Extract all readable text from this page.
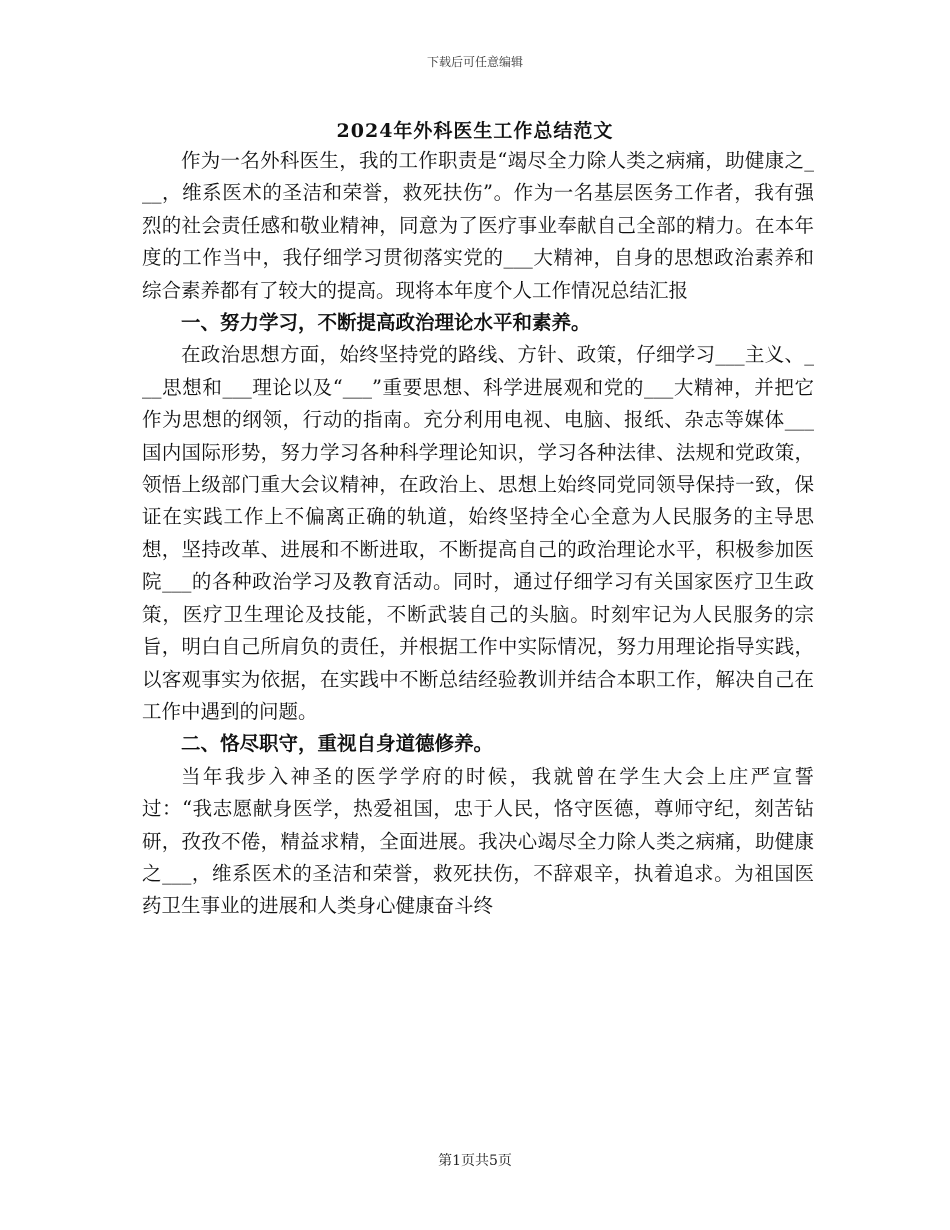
下载后可任意编辑
2024年外科医生工作总结范文

作为一名外科医生，我的工作职责是“竭尽全力除人类之病痛，助健康之___，维系医术的圣洁和荣誉，救死扶伤”。作为一名基层医务工作者，我有强烈的社会责任感和敬业精神，同意为了医疗事业奉献自己全部的精力。在本年度的工作当中，我仔细学习贯彻落实党的___大精神，自身的思想政治素养和综合素养都有了较大的提高。现将本年度个人工作情况总结汇报

一、努力学习，不断提高政治理论水平和素养。

在政治思想方面，始终坚持党的路线、方针、政策，仔细学习___主义、___思想和___理论以及“___”重要思想、科学进展观和党的___大精神，并把它作为思想的纲领，行动的指南。充分利用电视、电脑、报纸、杂志等媒体___国内国际形势，努力学习各种科学理论知识，学习各种法律、法规和党政策，领悟上级部门重大会议精神，在政治上、思想上始终同党同领导保持一致，保证在实践工作上不偏离正确的轨道，始终坚持全心全意为人民服务的主导思想，坚持改革、进展和不断进取，不断提高自己的政治理论水平，积极参加医院___的各种政治学习及教育活动。同时，通过仔细学习有关国家医疗卫生政策，医疗卫生理论及技能，不断武装自己的头脑。时刻牢记为人民服务的宗旨，明白自己所肩负的责任，并根据工作中实际情况，努力用理论指导实践，以客观事实为依据，在实践中不断总结经验教训并结合本职工作，解决自己在工作中遇到的问题。

二、恪尽职守，重视自身道德修养。

当年我步入神圣的医学学府的时候，我就曾在学生大会上庄严宣誓过：“我志愿献身医学，热爱祖国，忠于人民，恪守医德，尊师守纪，刻苦钻研，孜孜不倦，精益求精，全面进展。我决心竭尽全力除人类之病痛，助健康之___，维系医术的圣洁和荣誉，救死扶伤，不辞艰辛，执着追求。为祖国医药卫生事业的进展和人类身心健康奋斗终

第1页共5页
